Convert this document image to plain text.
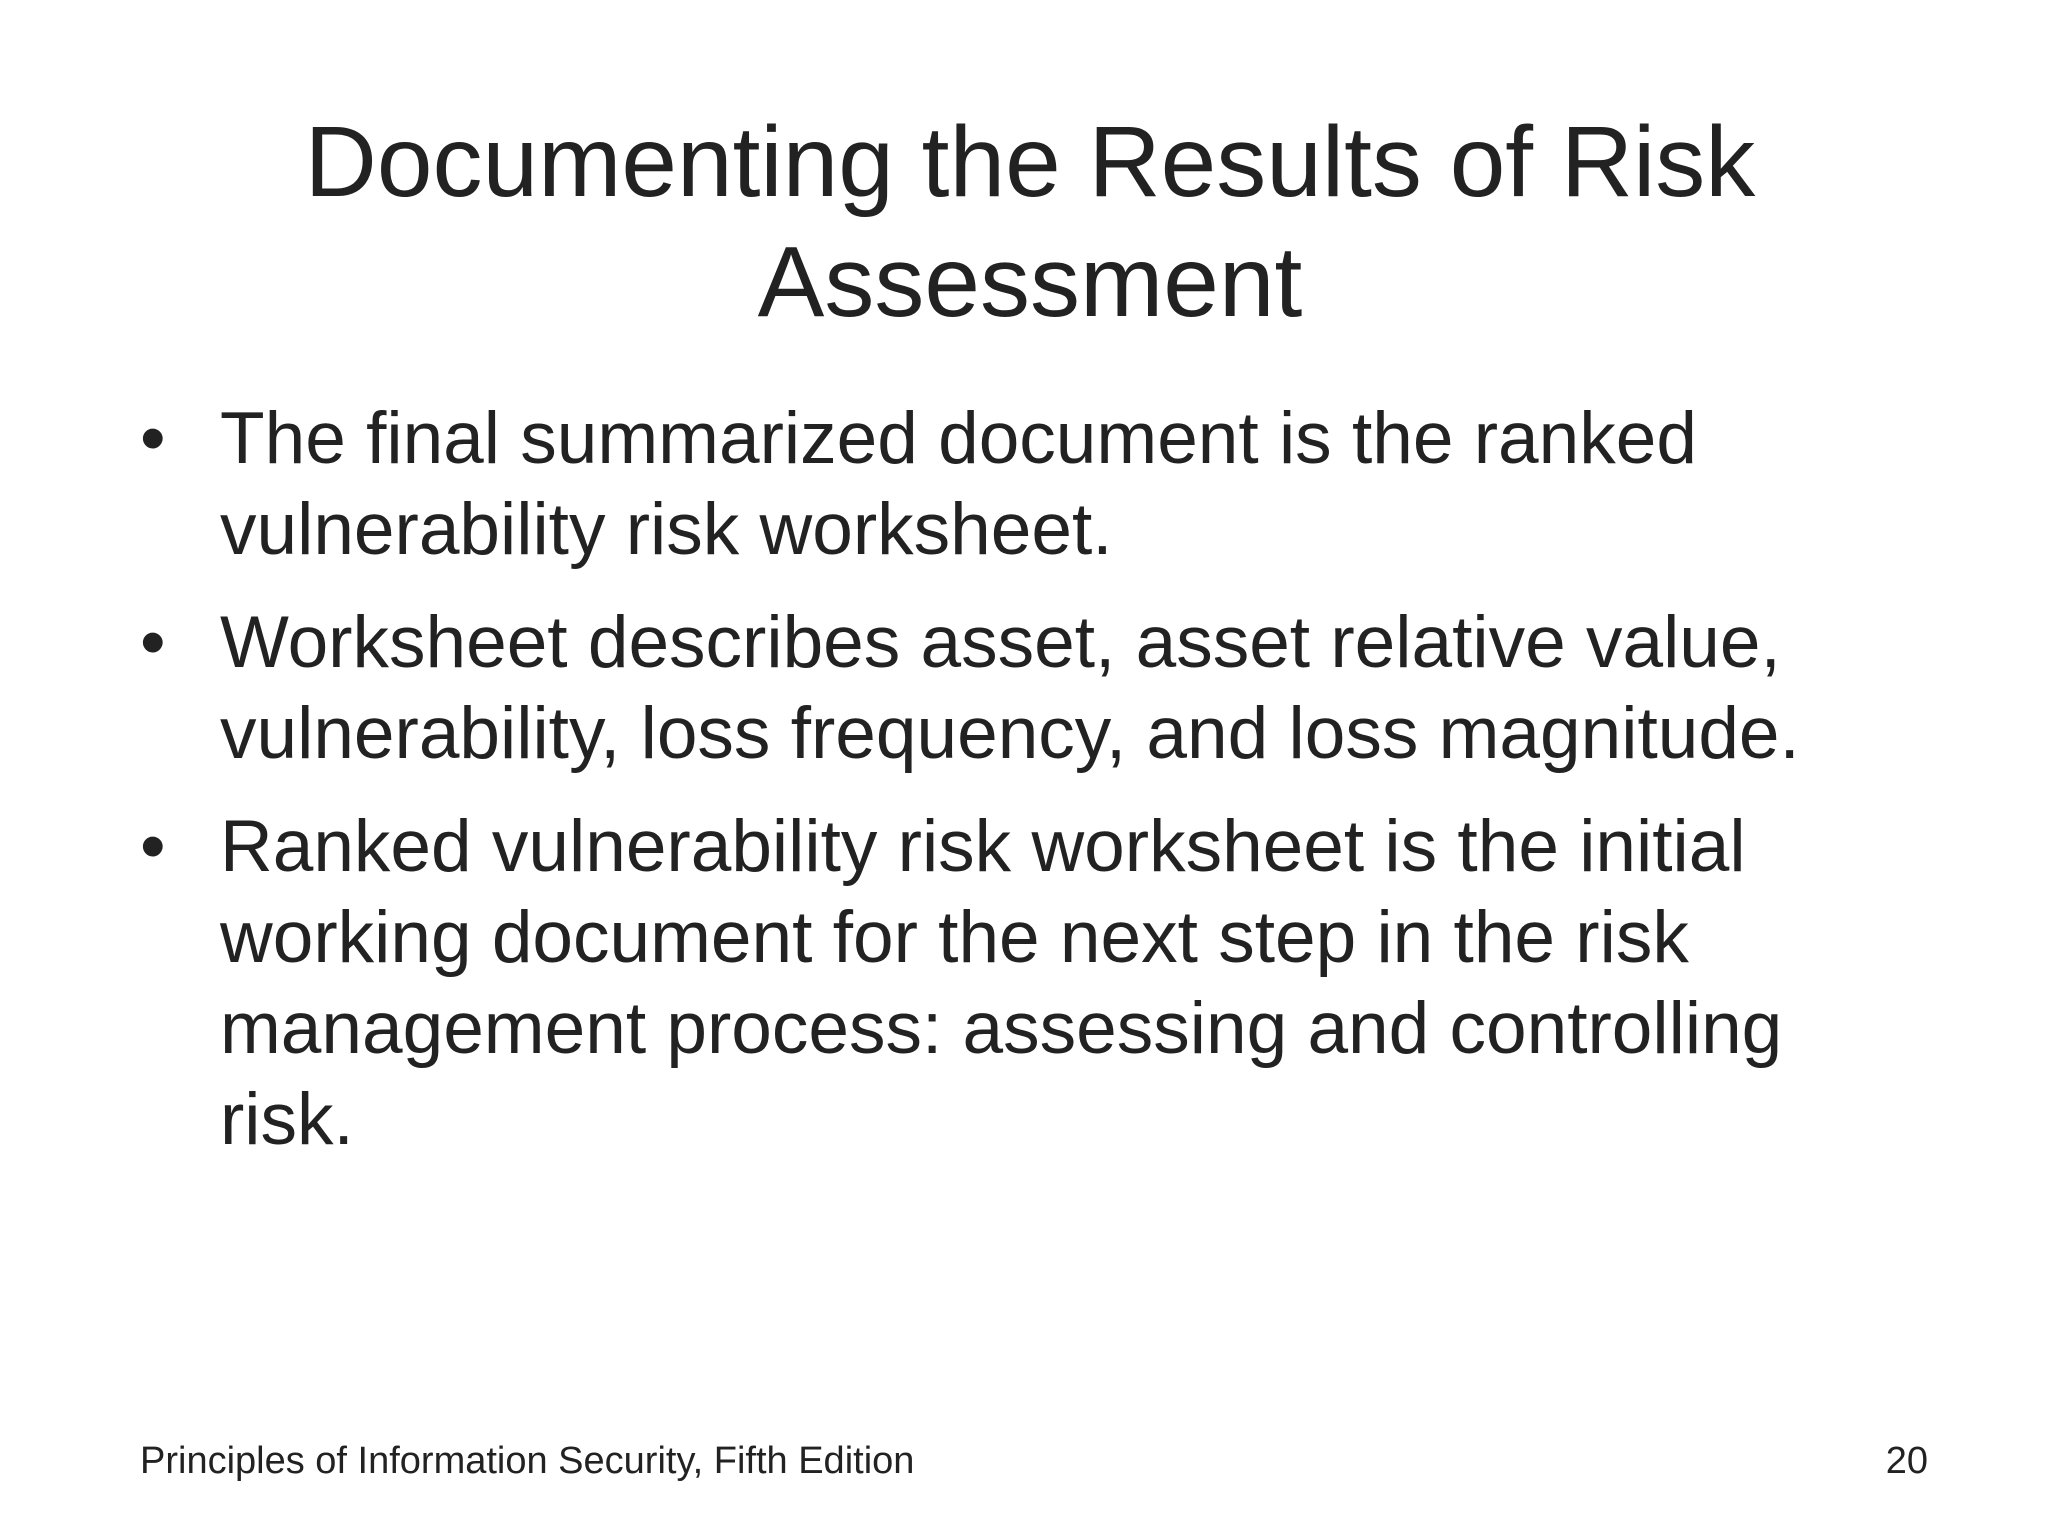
Documenting the Results of Risk Assessment
• The final summarized document is the ranked vulnerability risk worksheet.
• Worksheet describes asset, asset relative value, vulnerability, loss frequency, and loss magnitude.
• Ranked vulnerability risk worksheet is the initial working document for the next step in the risk management process: assessing and controlling risk.
Principles of Information Security, Fifth Edition	20
